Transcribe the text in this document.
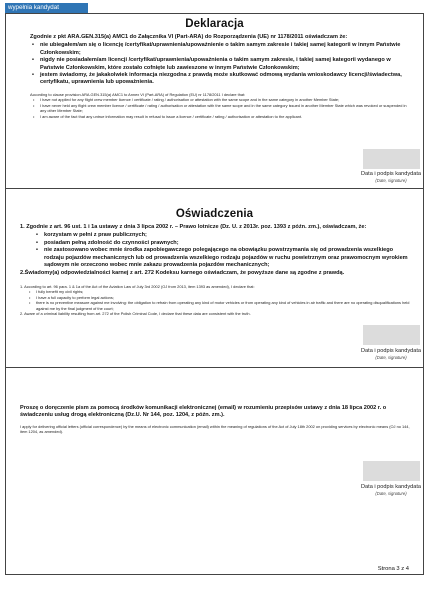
wypełnia kandydat
Deklaracja

Zgodnie z pkt ARA.GEN.315(a) AMC1 do Załącznika VI (Part-ARA) do Rozporządzenia (UE) nr 1178/2011 oświadczam że:

• nie ubiegałem/am się o licencję /certyfikat/uprawnienia/upoważnienie o takim samym zakresie i takiej samej kategorii w innym Państwie Członkowskim;
• nigdy nie posiadałem/am licencji /certyfikat/uprawnienia/upoważnienia o takim samym zakresie, i takiej samej kategorii wydanego w Państwie Członkowskim, które zostało cofnięte lub zawieszone w innym Państwie Członkowskim;
• jestem świadomy, że jakakolwiek informacja niezgodna z prawdą może skutkować odmową wydania wnioskodawcy licencji/świadectwa, certyfikatu, uprawnienia lub upoważnienia.

According to clause provision ARA.GEN.315(a) AMC1 to Annex VI (Part-ARA) of Regulation (EU) nr 1178/2011 I declare that:

• I have not applied for any flight crew member licence / certificate / rating / authorisation or attestation with the same scope and in the same category in another Member State;
• I have never held any flight crew member licence / certificate / rating / authorisation or attestation with the same scope and in the same category issued in another Member State which was revoked or suspended in any other Member State;
• I am aware of the fact that any untrue information may result in refusal to issue a licence / certificate / rating / authorisation or attestation to the applicant.
Data i podpis kandydata
(Date, signature)
Oświadczenia

1. Zgodnie z art. 96 ust. 1 i 1a ustawy z dnia 3 lipca 2002 r. – Prawo lotnicze (Dz. U. z 2013r. poz. 1393 z późn. zm.), oświadczam, że:

• korzystam w pełni z praw publicznych;
• posiadam pełną zdolność do czynności prawnych;
• nie zastosowano wobec mnie środka zapobiegawczego polegającego na obowiązku powstrzymania się od prowadzenia wszelkiego rodzaju pojazdów mechanicznych lub od prowadzenia wszelkiego rodzaju pojazdów w ruchu powietrznym oraz prawomocnym wyrokiem sądowym nie orzeczono wobec mnie zakazu prowadzenia pojazdów mechanicznych;

2.Świadomy(a) odpowiedzialności karnej z art. 272 Kodeksu karnego oświadczam, że powyższe dane są zgodne z prawdą.

1. According to art. 96 para. 1 & 1a of the Act of the Aviation Law of July 3rd 2002 (OJ from 2013, item 1393 as amended), I declare that:

• I fully benefit my civil rights;
• I have a full capacity to perform legal actions;
• there is no preventive measure against me involving: the obligation to refrain from operating any kind of motor vehicles or from operating any kind of vehicles in air traffic and there are no operating disqualifications held against me by the final judgment of the court;

2. Aware of a criminal liability resulting from art. 272 of the Polish Criminal Code, I declare that these data are consistent with the truth.

Data i podpis kandydata
(Date, signature)

Proszę o doręczenie pism za pomocą środków komunikacji elektronicznej (email) w rozumieniu przepisów ustawy z dnia 18 lipca 2002 r. o świadczeniu usług drogą elektroniczną (Dz.U. Nr 144, poz. 1204, z późn. zm.).

I apply for delivering official letters (official correspondence) by the means of electronic communication (email) within the meaning of regulations of the Act of July 18th 2002 on providing services by electronic means (OJ no 144, item 1204, as amended).

Data i podpis kandydata
(Date, signature)
Strona 3 z 4
